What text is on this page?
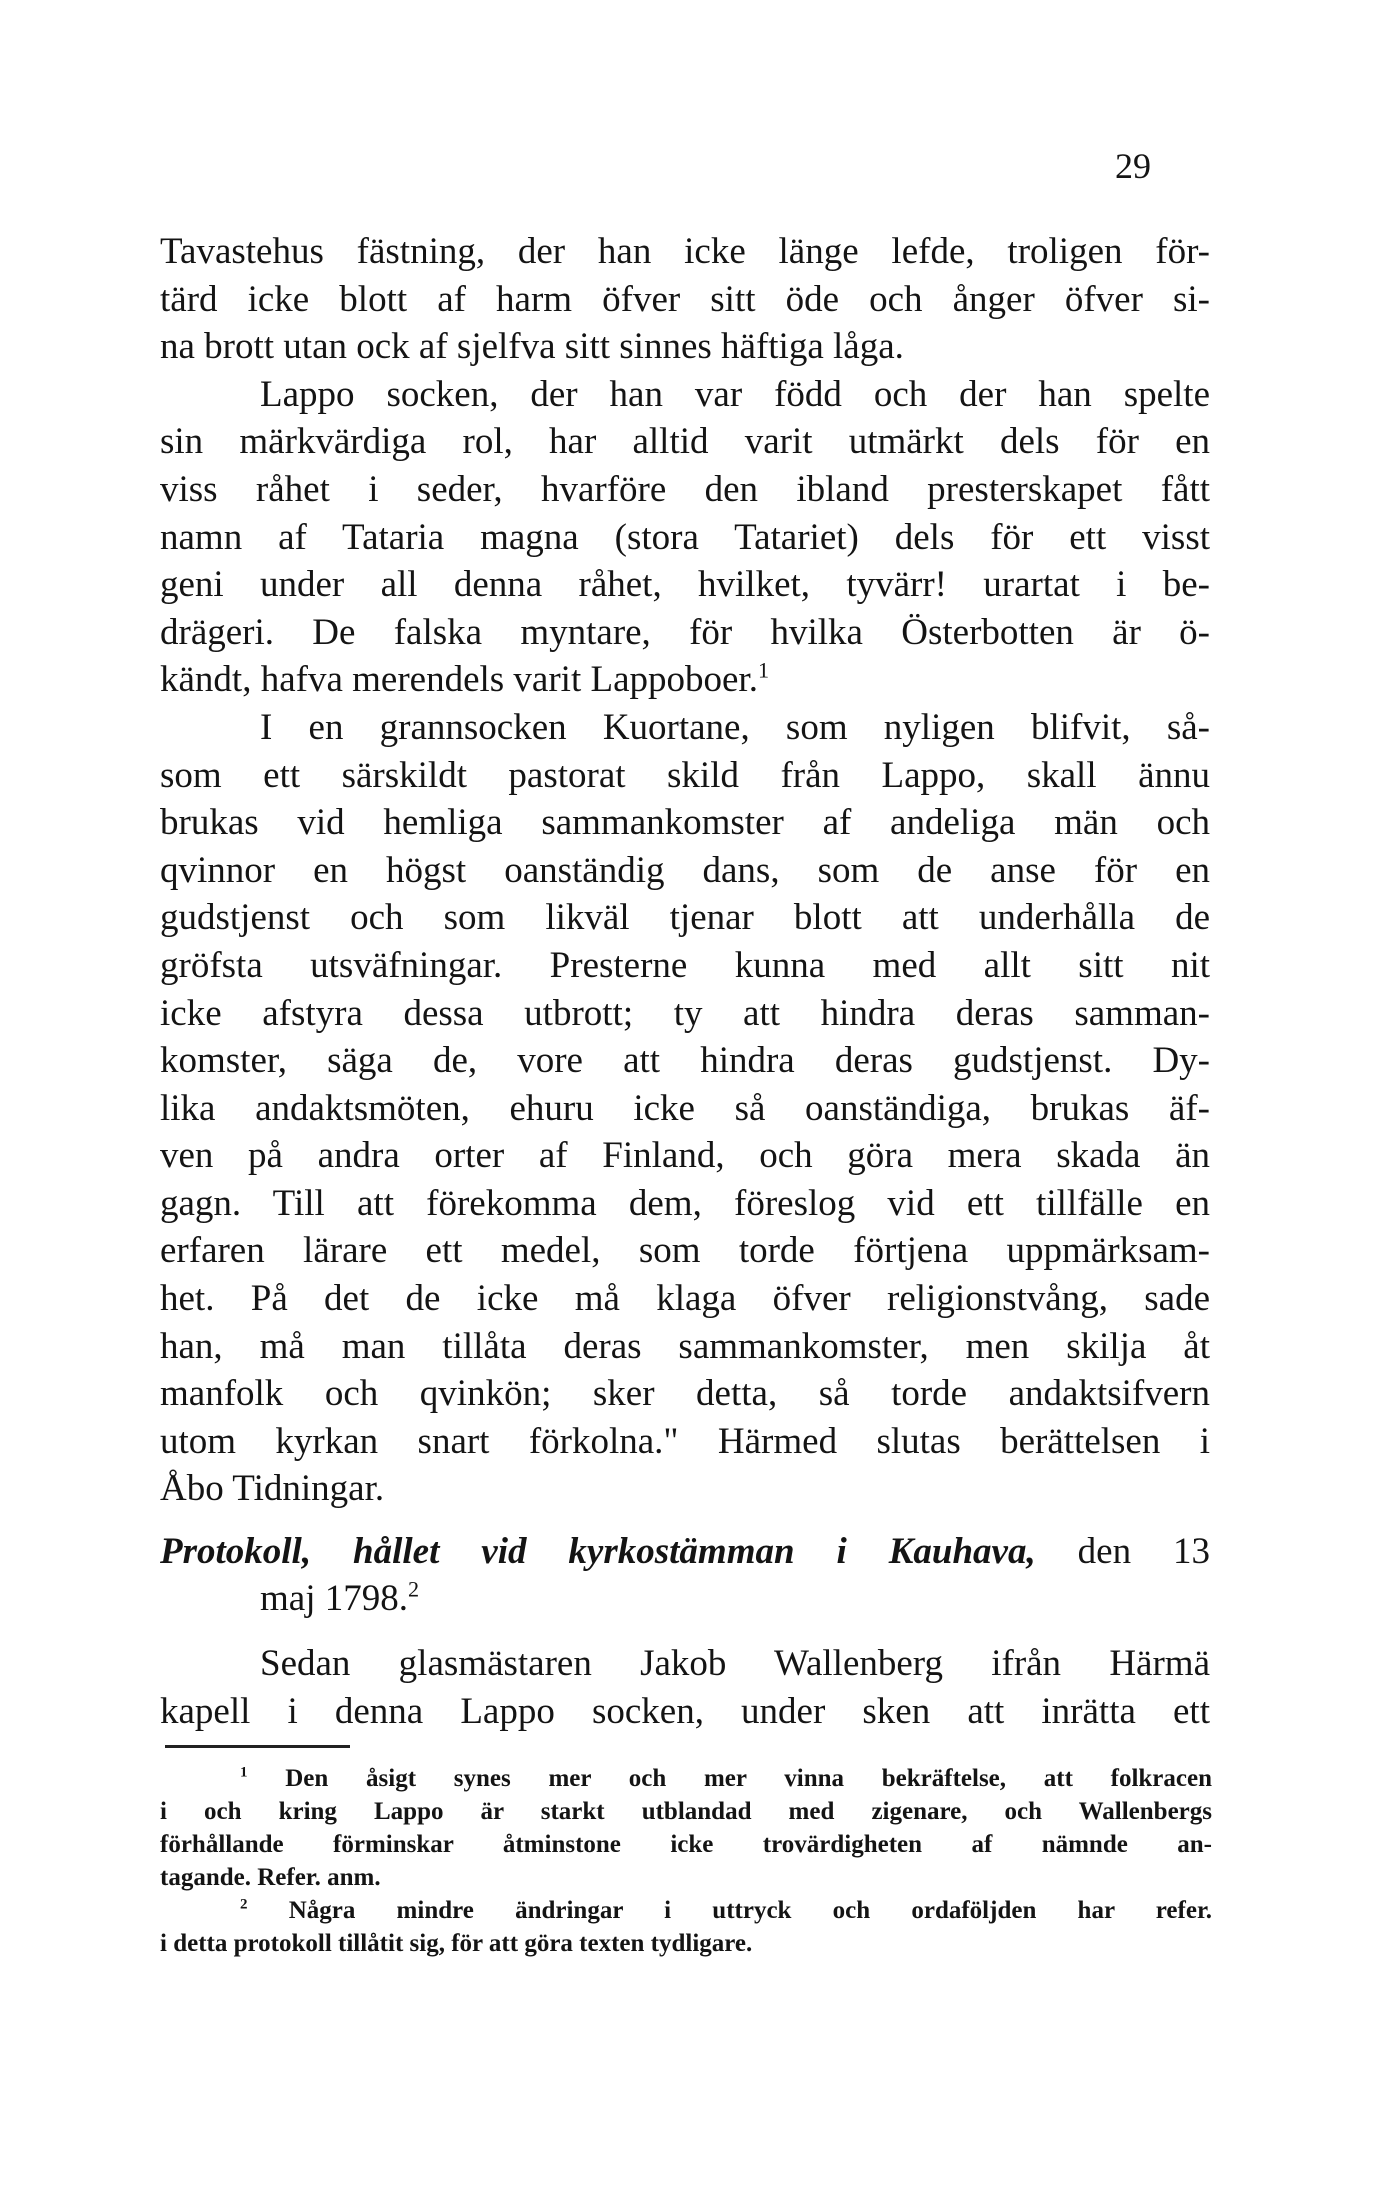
29
Tavastehus fästning, der han icke länge lefde, troligen för-
tärd icke blott af harm öfver sitt öde och ånger öfver si-
na brott utan ock af sjelfva sitt sinnes häftiga låga.
Lappo socken, der han var född och der han spelte
sin märkvärdiga rol, har alltid varit utmärkt dels för en
viss råhet i seder, hvarföre den ibland presterskapet fått
namn af Tataria magna (stora Tatariet) dels för ett visst
geni under all denna råhet, hvilket, tyvärr! urartat i be-
drägeri. De falska myntare, för hvilka Österbotten är ö-
kändt, hafva merendels varit Lappoboer.$^1$
I en grannsocken Kuortane, som nyligen blifvit, så-
som ett särskildt pastorat skild från Lappo, skall ännu
brukas vid hemliga sammankomster af andeliga män och
qvinnor en högst oanständig dans, som de anse för en
gudstjenst och som likväl tjenar blott att underhålla de
gröfsta utsväfningar. Presterne kunna med allt sitt nit
icke afstyra dessa utbrott; ty att hindra deras samman-
komster, säga de, vore att hindra deras gudstjenst. Dy-
lika andaktsmöten, ehuru icke så oanständiga, brukas äf-
ven på andra orter af Finland, och göra mera skada än
gagn. Till att förekomma dem, föreslog vid ett tillfälle en
erfaren lärare ett medel, som torde förtjena uppmärksam-
het. På det de icke må klaga öfver religionstvång, sade
han, må man tillåta deras sammankomster, men skilja åt
manfolk och qvinkön; sker detta, så torde andaktsifvern
utom kyrkan snart förkolna." Härmed slutas berättelsen i
Åbo Tidningar.
Protokoll, hållet vid kyrkostämman i Kauhava, den 13
maj 1798.$^2$
Sedan glasmästaren Jakob Wallenberg ifrån Härmä
kapell i denna Lappo socken, under sken att inrätta ett
$^1$ Den åsigt synes mer och mer vinna bekräftelse, att folkracen
i och kring Lappo är starkt utblandad med zigenare, och Wallenbergs
förhållande förminskar åtminstone icke trovärdigheten af nämnde an-
tagande. Refer. anm.
$^2$ Några mindre ändringar i uttryck och ordaföljden har refer.
i detta protokoll tillåtit sig, för att göra texten tydligare.
